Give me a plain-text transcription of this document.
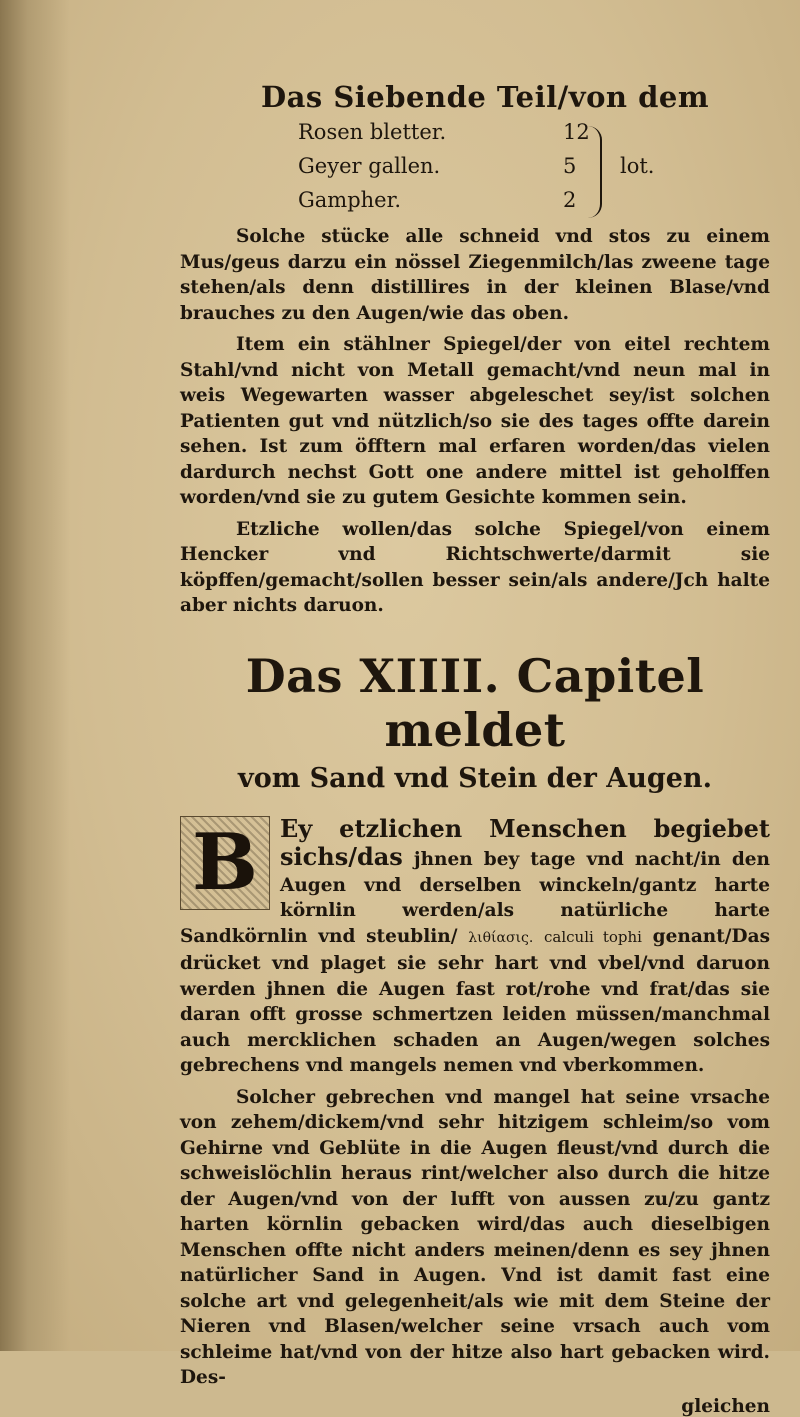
Das Siebende Teil/von dem
Rosen bletter.	12
Geyer gallen.	5
Gampher.	2
lot.

Solche stücke alle schneid vnd stos zu einem Mus/geus darzu ein nössel Ziegenmilch/las zweene tage stehen/als denn distillires in der kleinen Blase/vnd brauches zu den Augen/wie das oben.

Item ein stählner Spiegel/der von eitel rechtem Stahl/vnd nicht von Metall gemacht/vnd neun mal in weis Wegewarten wasser abgeleschet sey/ist solchen Patienten gut vnd nützlich/so sie des tages offte darein sehen. Ist zum öfftern mal erfaren worden/das vielen dardurch nechst Gott one andere mittel ist geholffen worden/vnd sie zu gutem Gesichte kommen sein.

Etzliche wollen/das solche Spiegel/von einem Hencker vnd Richtschwerte/darmit sie köpffen/gemacht/sollen besser sein/als andere/Jch halte aber nichts daruon.

Das XIIII. Capitel meldet
vom Sand vnd Stein der Augen.
B Ey etzlichen Menschen begiebet sichs/das jhnen bey tage vnd nacht/in den Augen vnd derselben winckeln/gantz harte körnlin werden/als natürliche harte Sandkörnlin vnd steublin/ λιθίασις. calculi tophi genant/Das drücket vnd plaget sie sehr hart vnd vbel/vnd daruon werden jhnen die Augen fast rot/rohe vnd frat/das sie daran offt grosse schmertzen leiden müssen/manchmal auch mercklichen schaden an Augen/wegen solches gebrechens vnd mangels nemen vnd vberkommen.

Solcher gebrechen vnd mangel hat seine vrsache von zehem/dickem/vnd sehr hitzigem schleim/so vom Gehirne vnd Geblüte in die Augen fleust/vnd durch die schweislöchlin heraus rint/welcher also durch die hitze der Augen/vnd von der lufft von aussen zu/zu gantz harten körnlin gebacken wird/das auch dieselbigen Menschen offte nicht anders meinen/denn es sey jhnen natürlicher Sand in Augen. Vnd ist damit fast eine solche art vnd gelegenheit/als wie mit dem Steine der Nieren vnd Blasen/welcher seine vrsach auch vom schleime hat/vnd von der hitze also hart gebacken wird. Des-

gleichen
